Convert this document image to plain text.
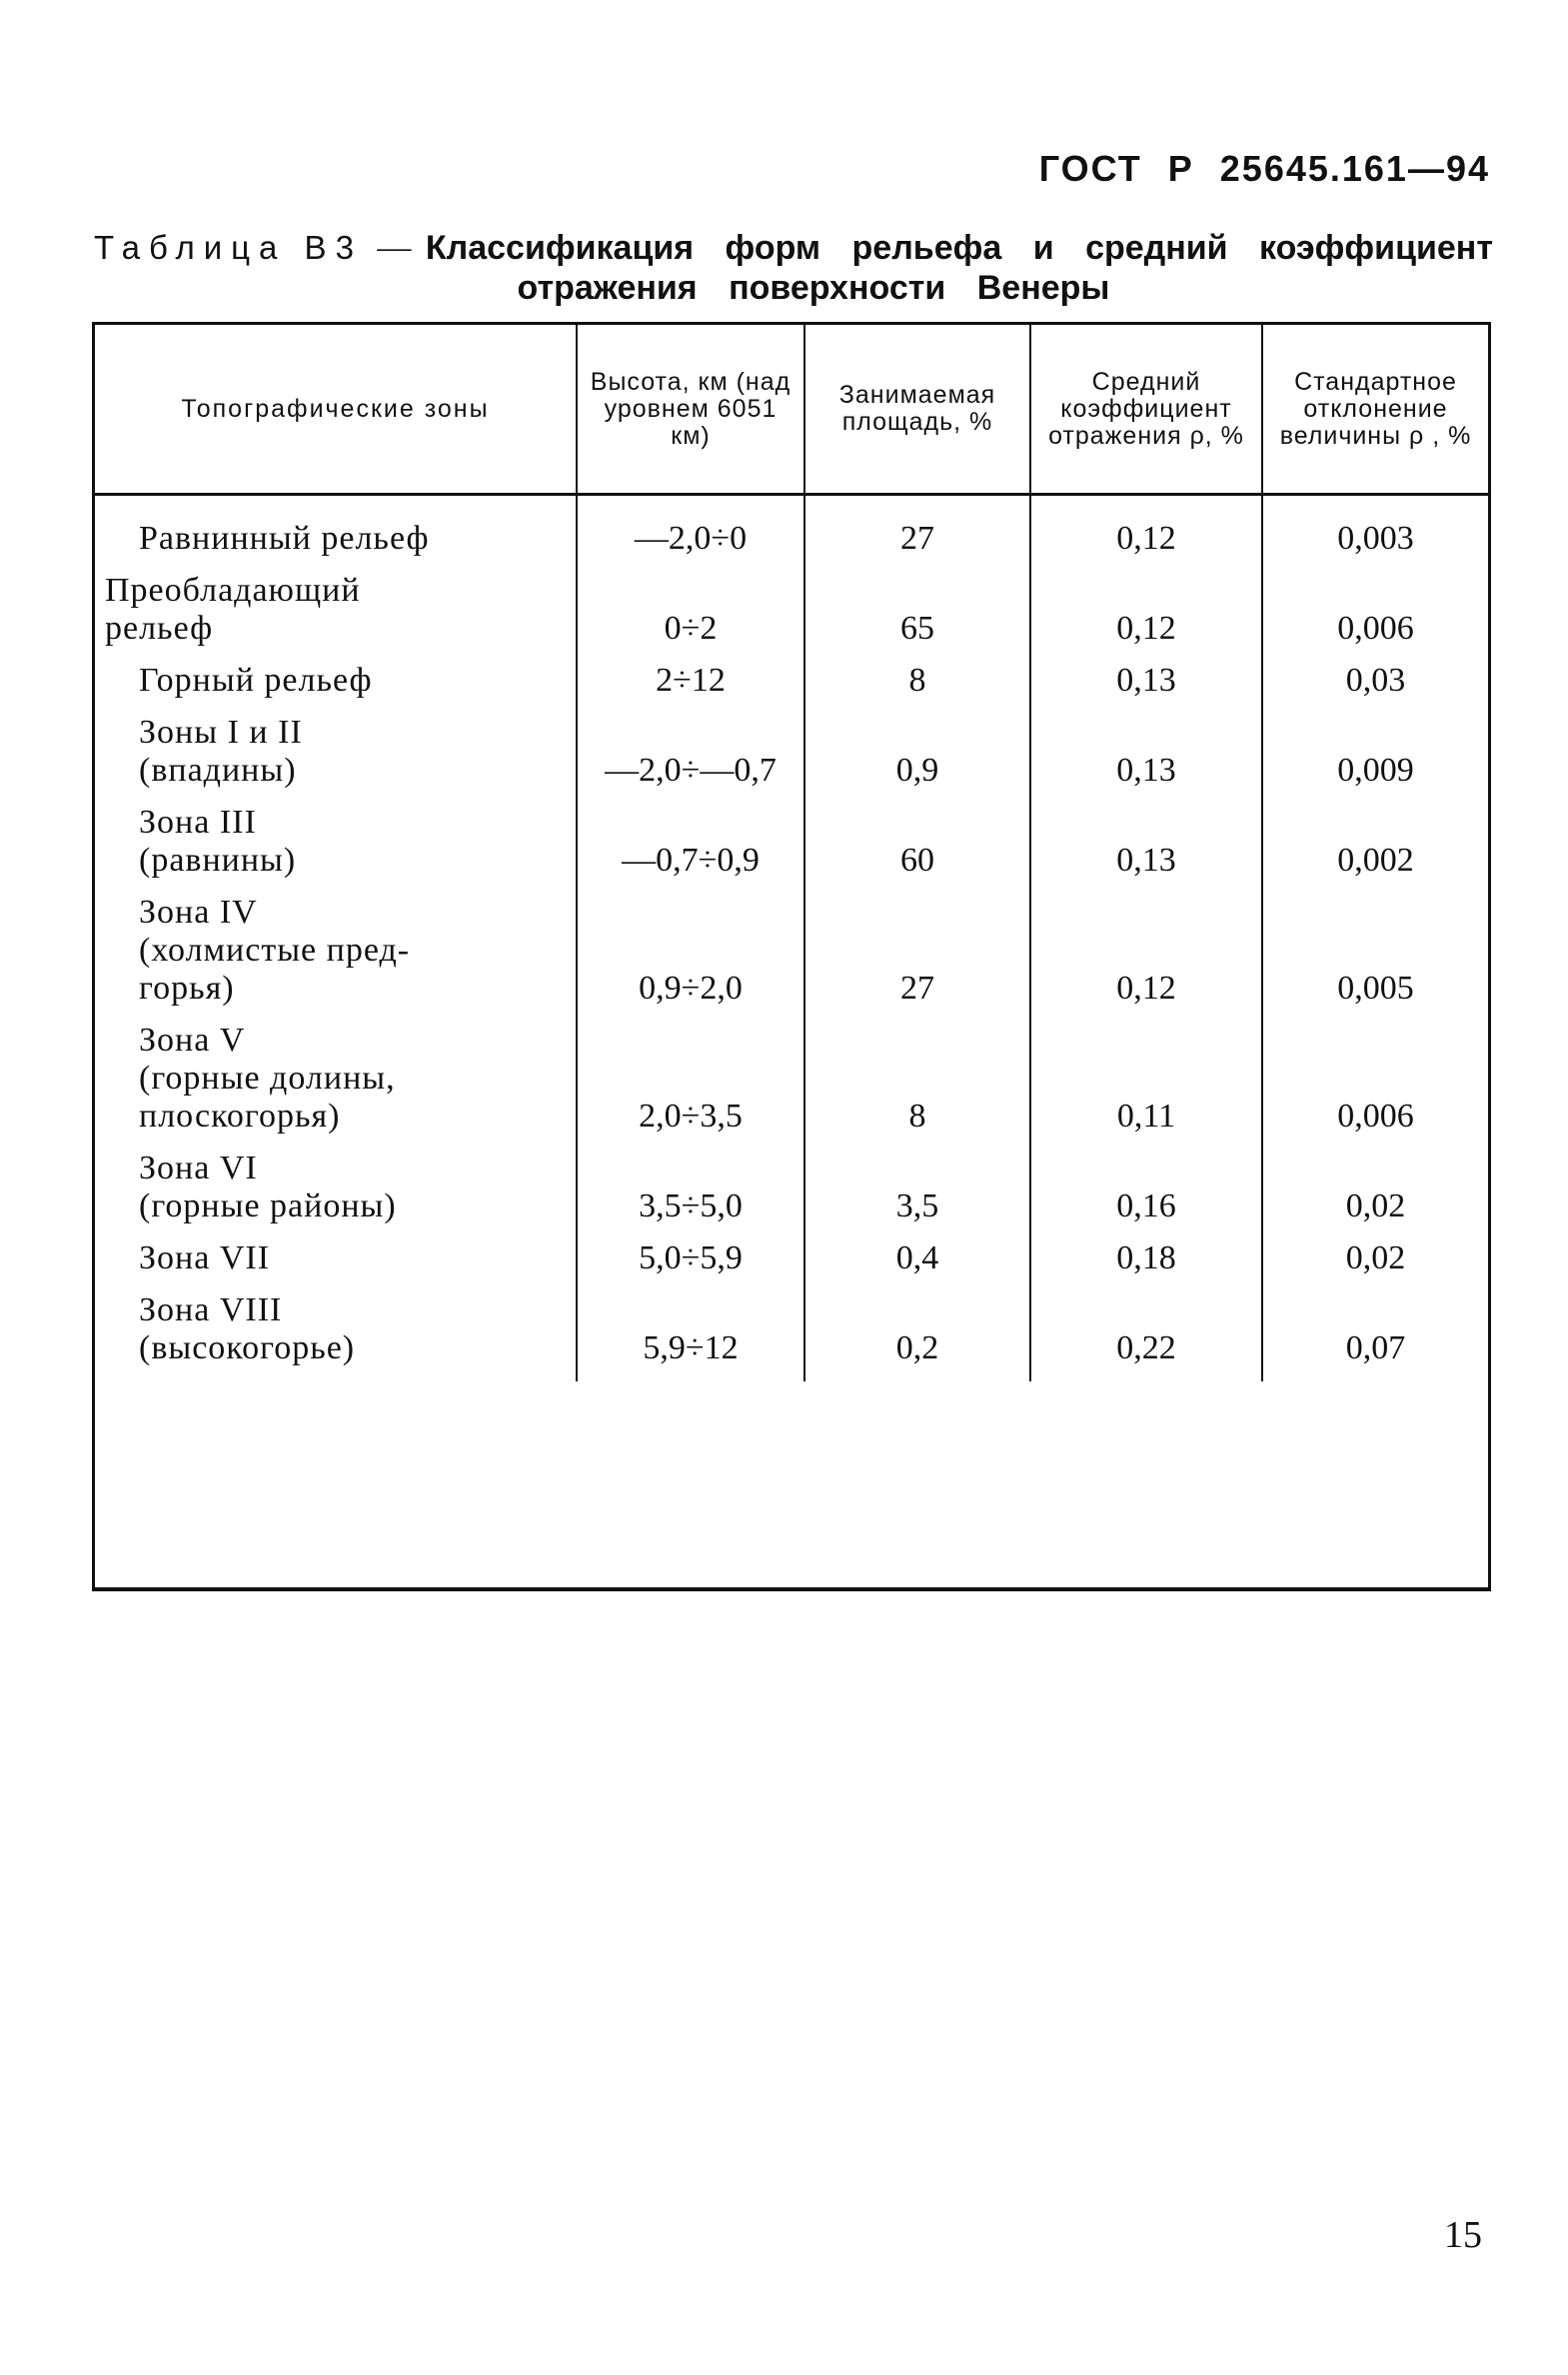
ГОСТ Р 25645.161—94
Таблица В3 — Классификация форм рельефа и средний коэффициент
отражения поверхности Венеры
Топографические зоны	Высота, км (над уровнем 6051 км)	Занимаемая площадь, %	Средний коэффициент отражения ρ, %	Стандартное отклонение величины ρ , %
Равнинный рельеф	—2,0÷0	27	0,12	0,003
Преобладающий
рельеф	0÷2	65	0,12	0,006
Горный рельеф	2÷12	8	0,13	0,03
Зоны I и II
(впадины)	—2,0÷—0,7	0,9	0,13	0,009
Зона III
(равнины)	—0,7÷0,9	60	0,13	0,002
Зона IV
(холмистые пред-
горья)	0,9÷2,0	27	0,12	0,005
Зона V
(горные долины,
плоскогорья)	2,0÷3,5	8	0,11	0,006
Зона VI
(горные районы)	3,5÷5,0	3,5	0,16	0,02
Зона VII	5,0÷5,9	0,4	0,18	0,02
Зона VIII
(высокогорье)	5,9÷12	0,2	0,22	0,07
15
